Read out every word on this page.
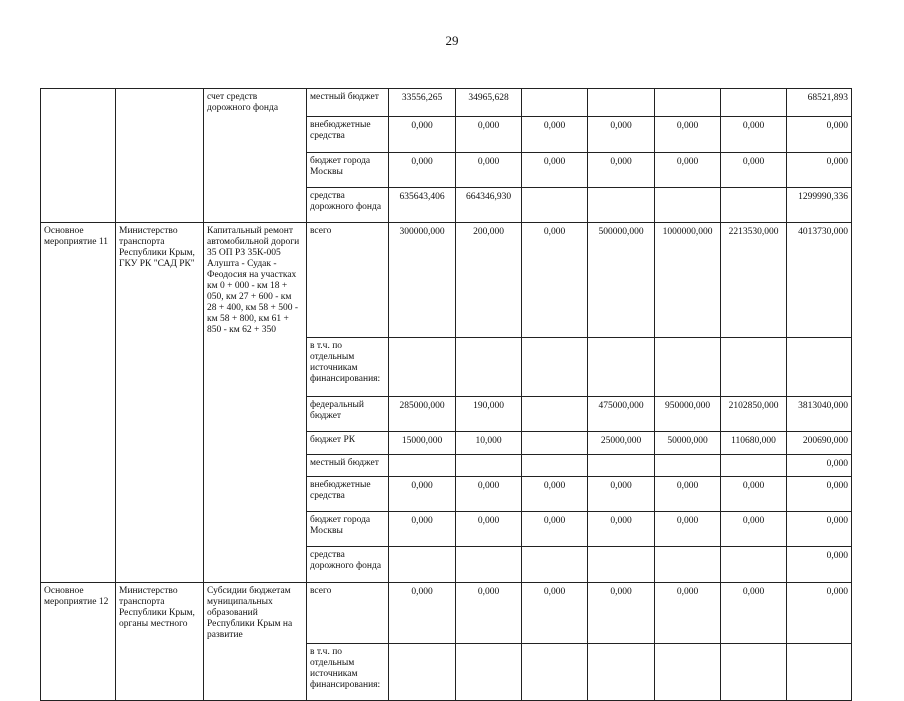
29
		счет средств дорожного фонда	местный бюджет	33556,265	34965,628					68521,893
			внебюджетные средства	0,000	0,000	0,000	0,000	0,000	0,000	0,000
			бюджет города Москвы	0,000	0,000	0,000	0,000	0,000	0,000	0,000
			средства дорожного фонда	635643,406	664346,930					1299990,336
Основное мероприятие 11	Министерство транспорта Республики Крым, ГКУ РК "САД РК"	Капитальный ремонт автомобильной дороги 35 ОП РЗ 35К-005 Алушта - Судак - Феодосия на участках км 0 + 000 - км 18 + 050, км 27 + 600 - км 28 + 400, км 58 + 500 - км 58 + 800, км 61 + 850 - км 62 + 350	всего	300000,000	200,000	0,000	500000,000	1000000,000	2213530,000	4013730,000
			в т.ч. по отдельным источникам финансирования:							
			федеральный бюджет	285000,000	190,000		475000,000	950000,000	2102850,000	3813040,000
			бюджет РК	15000,000	10,000		25000,000	50000,000	110680,000	200690,000
			местный бюджет							0,000
			внебюджетные средства	0,000	0,000	0,000	0,000	0,000	0,000	0,000
			бюджет города Москвы	0,000	0,000	0,000	0,000	0,000	0,000	0,000
			средства дорожного фонда							0,000
Основное мероприятие 12	Министерство транспорта Республики Крым, органы местного	Субсидии бюджетам муниципальных образований Республики Крым на развитие	всего	0,000	0,000	0,000	0,000	0,000	0,000	0,000
			в т.ч. по отдельным источникам финансирования:							
